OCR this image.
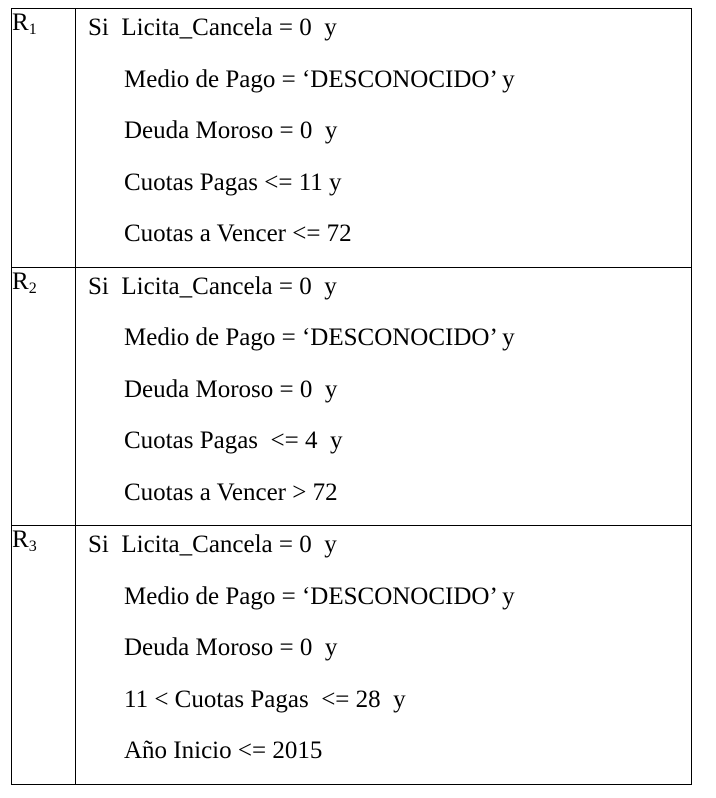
$R_1$	Si  Licita_Cancela = 0  y
Medio de Pago = ‘DESCONOCIDO’ y
Deuda Moroso = 0  y
Cuotas Pagas <= 11 y
Cuotas a Vencer <= 72

$R_2$	Si  Licita_Cancela = 0  y
Medio de Pago = ‘DESCONOCIDO’ y
Deuda Moroso = 0  y
Cuotas Pagas  <= 4  y
Cuotas a Vencer > 72

$R_3$	Si  Licita_Cancela = 0  y
Medio de Pago = ‘DESCONOCIDO’ y
Deuda Moroso = 0  y
11 < Cuotas Pagas  <= 28  y
Año Inicio <= 2015
